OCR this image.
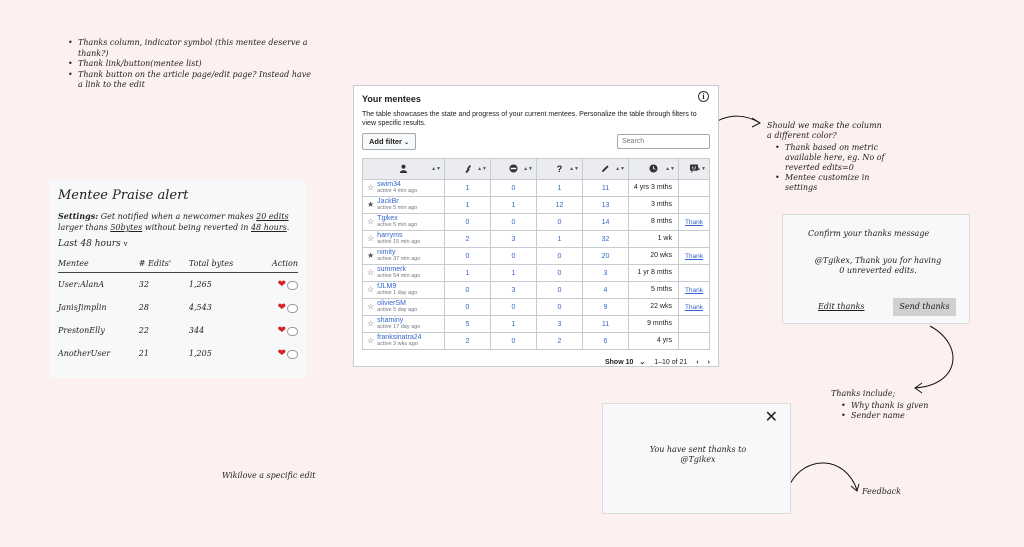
• Thanks column, indicator symbol (this mentee deserve a thank?)
• Thank link/button(mentee list)
• Thank button on the article page/edit page? Instead have a link to the edit
Mentee Praise alert
Settings: Get notified when a newcomer makes 20 edits larger thans 50bytes without being reverted in 48 hours.
Last 48 hours v
Mentee	# Edits'	Total bytes	Action
User:AlanA	32	1,265	❤
JanisJimplin	28	4,543	❤
PrestonElly	22	344	❤
AnotherUser	21	1,205	❤
Wikilove a specific edit
Your mentees	i
The table showcases the state and progress of your current mentees. Personalize the table through filters to view specific results.
Add filter ⌄	Search
▲▼	▲▼	▲▼	? ▲▼	▲▼	▲▼	▲▼

☆ swim34
active 4 min ago	1	0	1	11	4 yrs 3 mths	
★ JackBr
active 5 min ago	1	1	12	13	3 mths	
☆ Tgikex
active 5 min ago	0	0	0	14	8 mths	Thank
☆ harryms
active 15 min ago	2	3	1	32	1 wk	
★ nimity
active 37 min ago	0	0	0	20	20 wks	Thank
☆ summerk
active 54 min ago	1	1	0	3	1 yr 8 mths	
☆ fJLM9
active 1 day ago	0	3	0	4	5 mths	Thank
☆ olivierSM
active 5 day ago	0	0	0	9	22 wks	Thank
☆ shaminy
active 17 day ago	5	1	3	11	9 mnths	
☆ franksinatra24
active 3 wks ago	2	0	2	6	4 yrs	
Show 10 ⌄ 1–10 of 21 ‹ ›
Should we make the column a different color?
• Thank based on metric available here, eg. No of reverted edits=0
• Mentee customize in settings
Confirm your thanks message
@Tgikex, Thank you for having 0 unreverted edits.
Edit thanks	Send thanks
Thanks include;
• Why thank is given
• Sender name
✕
You have sent thanks to @Tgikex
Feedback
